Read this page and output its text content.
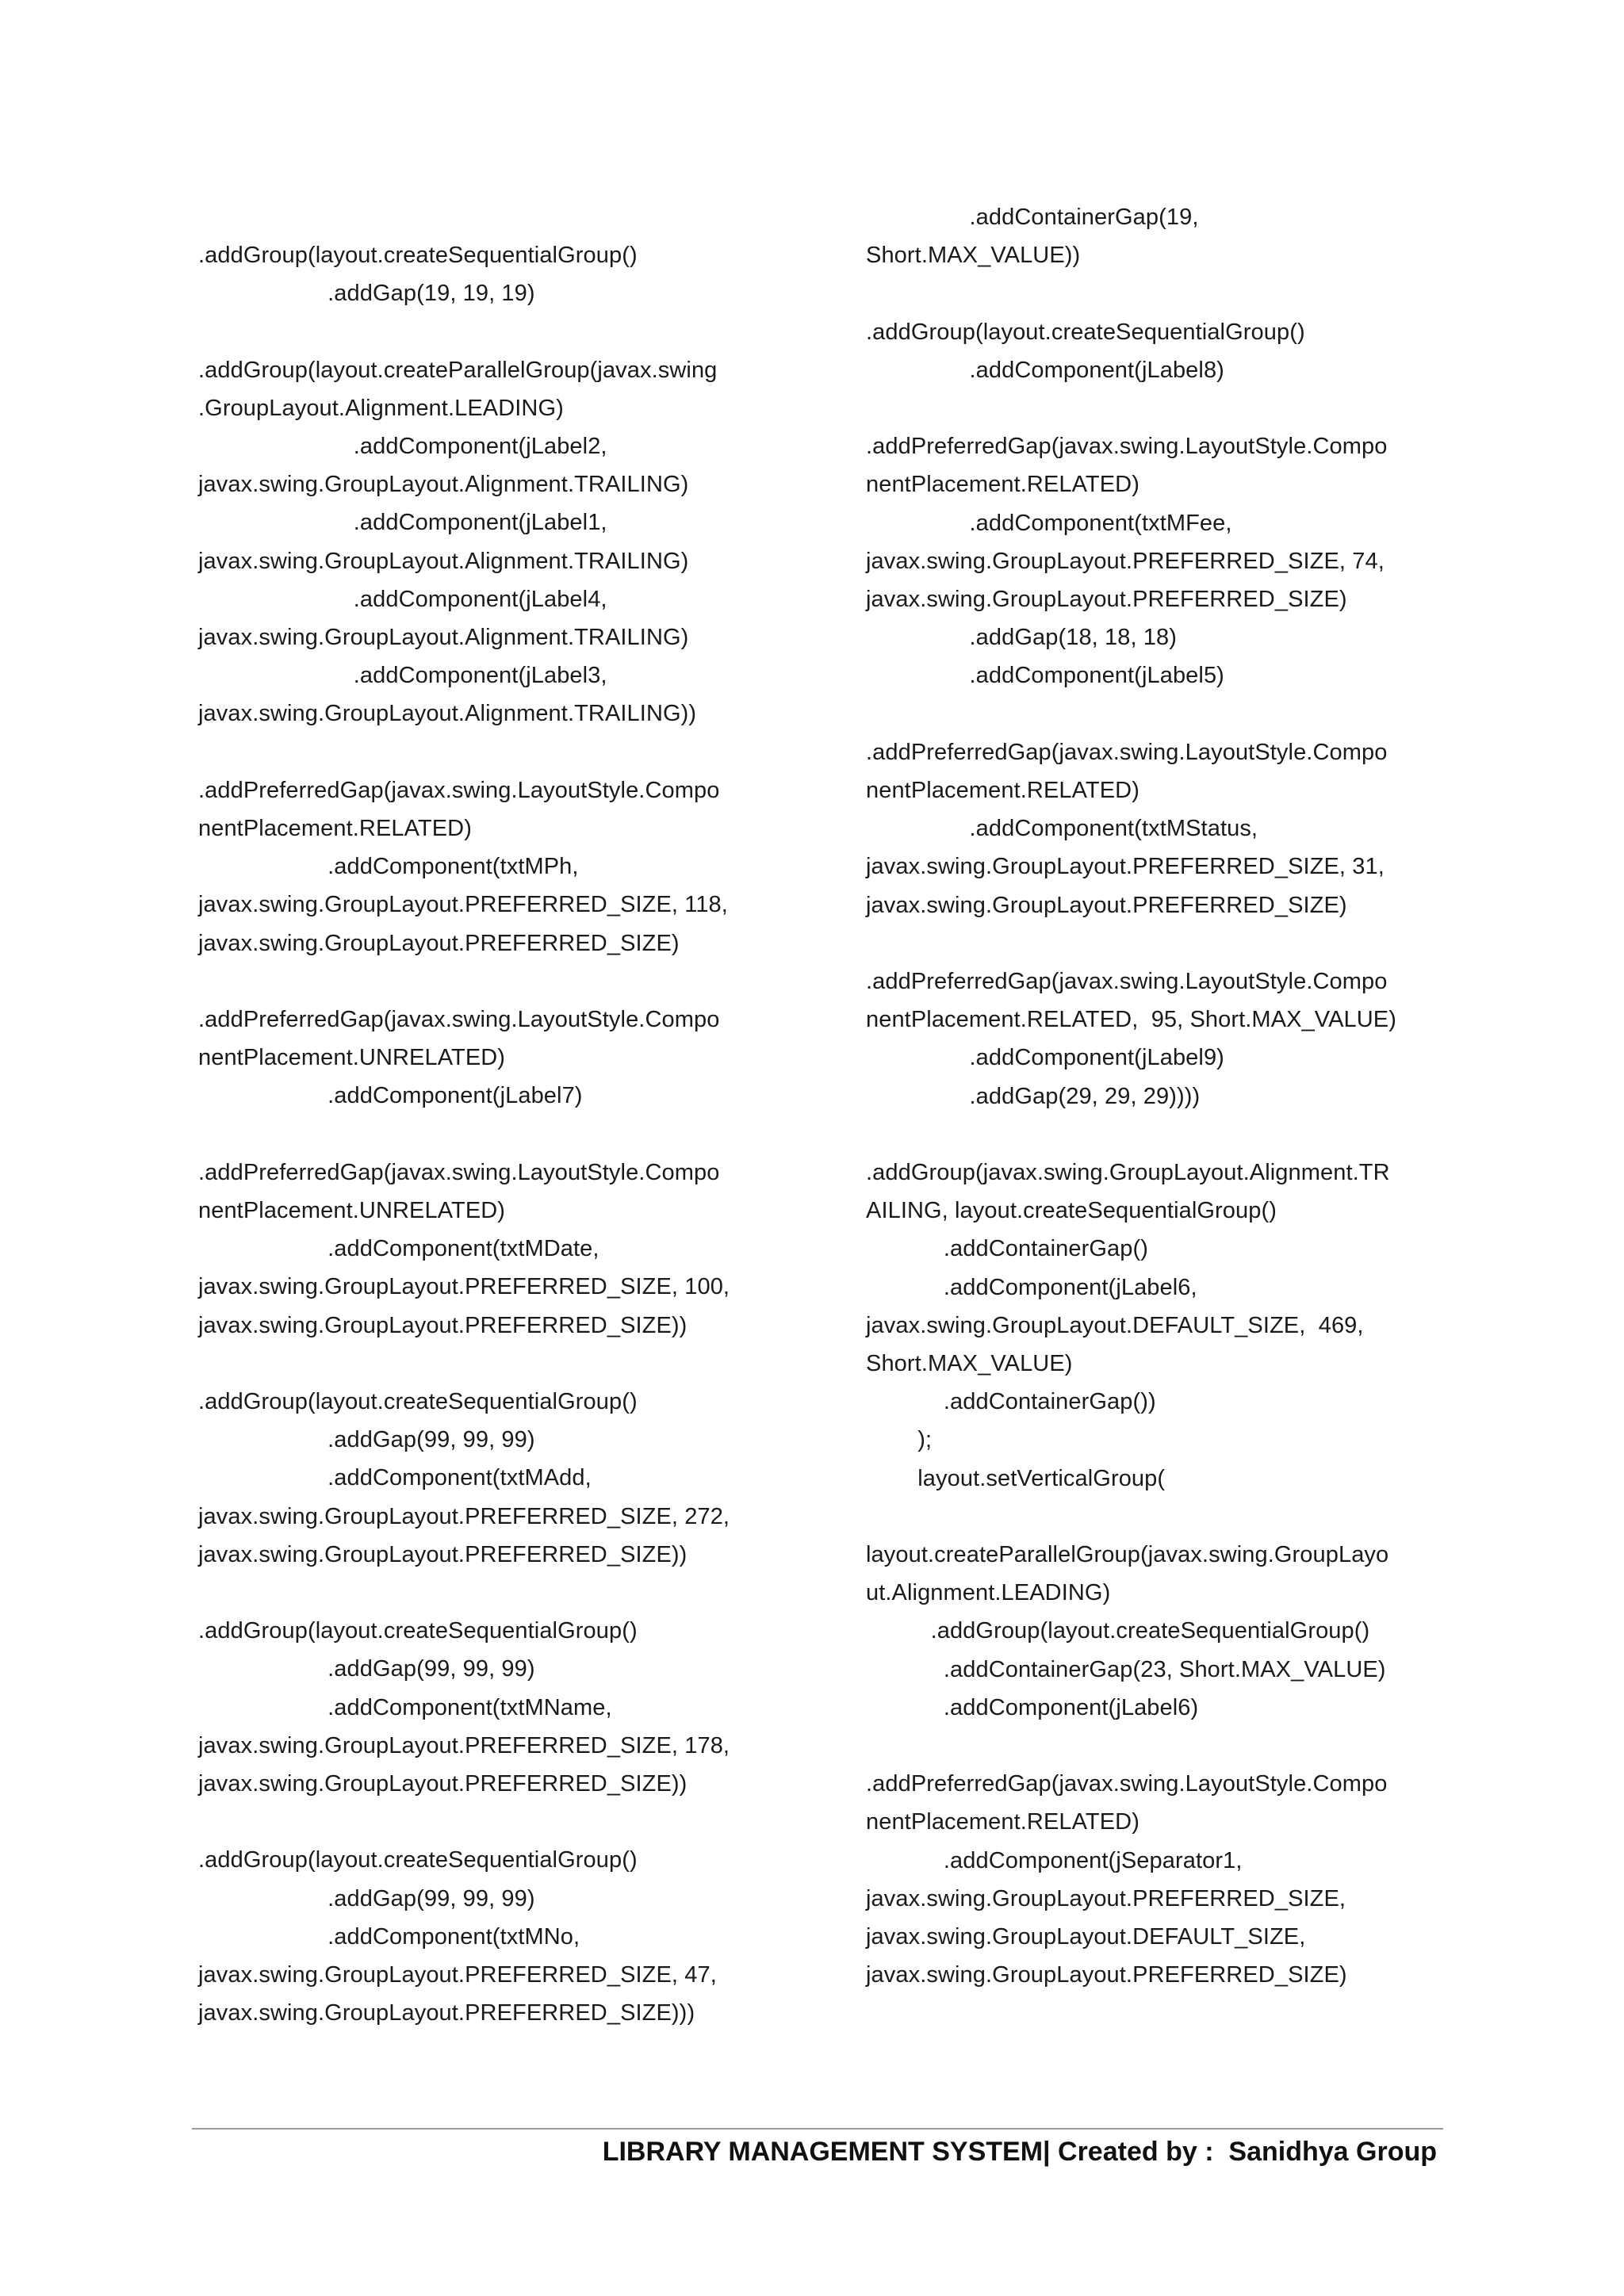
.addGroup(layout.createSequentialGroup()
.addGap(19, 19, 19)
.addGroup(layout.createParallelGroup(javax.swing
.GroupLayout.Alignment.LEADING)
.addComponent(jLabel2,
javax.swing.GroupLayout.Alignment.TRAILING)
.addComponent(jLabel1,
javax.swing.GroupLayout.Alignment.TRAILING)
.addComponent(jLabel4,
javax.swing.GroupLayout.Alignment.TRAILING)
.addComponent(jLabel3,
javax.swing.GroupLayout.Alignment.TRAILING))
.addPreferredGap(javax.swing.LayoutStyle.Compo
nentPlacement.RELATED)
.addComponent(txtMPh,
javax.swing.GroupLayout.PREFERRED_SIZE, 118,
javax.swing.GroupLayout.PREFERRED_SIZE)
.addPreferredGap(javax.swing.LayoutStyle.Compo
nentPlacement.UNRELATED)
.addComponent(jLabel7)
.addPreferredGap(javax.swing.LayoutStyle.Compo
nentPlacement.UNRELATED)
.addComponent(txtMDate,
javax.swing.GroupLayout.PREFERRED_SIZE, 100,
javax.swing.GroupLayout.PREFERRED_SIZE))
.addGroup(layout.createSequentialGroup()
.addGap(99, 99, 99)
.addComponent(txtMAdd,
javax.swing.GroupLayout.PREFERRED_SIZE, 272,
javax.swing.GroupLayout.PREFERRED_SIZE))
.addGroup(layout.createSequentialGroup()
.addGap(99, 99, 99)
.addComponent(txtMName,
javax.swing.GroupLayout.PREFERRED_SIZE, 178,
javax.swing.GroupLayout.PREFERRED_SIZE))
.addGroup(layout.createSequentialGroup()
.addGap(99, 99, 99)
.addComponent(txtMNo,
javax.swing.GroupLayout.PREFERRED_SIZE, 47,
javax.swing.GroupLayout.PREFERRED_SIZE)))
.addContainerGap(19,
Short.MAX_VALUE))
.addGroup(layout.createSequentialGroup()
.addComponent(jLabel8)
.addPreferredGap(javax.swing.LayoutStyle.Compo
nentPlacement.RELATED)
.addComponent(txtMFee,
javax.swing.GroupLayout.PREFERRED_SIZE, 74,
javax.swing.GroupLayout.PREFERRED_SIZE)
.addGap(18, 18, 18)
.addComponent(jLabel5)
.addPreferredGap(javax.swing.LayoutStyle.Compo
nentPlacement.RELATED)
.addComponent(txtMStatus,
javax.swing.GroupLayout.PREFERRED_SIZE, 31,
javax.swing.GroupLayout.PREFERRED_SIZE)
.addPreferredGap(javax.swing.LayoutStyle.Compo
nentPlacement.RELATED,  95, Short.MAX_VALUE)
.addComponent(jLabel9)
.addGap(29, 29, 29))))
.addGroup(javax.swing.GroupLayout.Alignment.TR
AILING, layout.createSequentialGroup()
.addContainerGap()
.addComponent(jLabel6,
javax.swing.GroupLayout.DEFAULT_SIZE,  469,
Short.MAX_VALUE)
.addContainerGap())
);
layout.setVerticalGroup(
layout.createParallelGroup(javax.swing.GroupLayo
ut.Alignment.LEADING)
.addGroup(layout.createSequentialGroup()
.addContainerGap(23, Short.MAX_VALUE)
.addComponent(jLabel6)
.addPreferredGap(javax.swing.LayoutStyle.Compo
nentPlacement.RELATED)
.addComponent(jSeparator1,
javax.swing.GroupLayout.PREFERRED_SIZE,
javax.swing.GroupLayout.DEFAULT_SIZE,
javax.swing.GroupLayout.PREFERRED_SIZE)
LIBRARY MANAGEMENT SYSTEM| Created by :  Sanidhya Group
